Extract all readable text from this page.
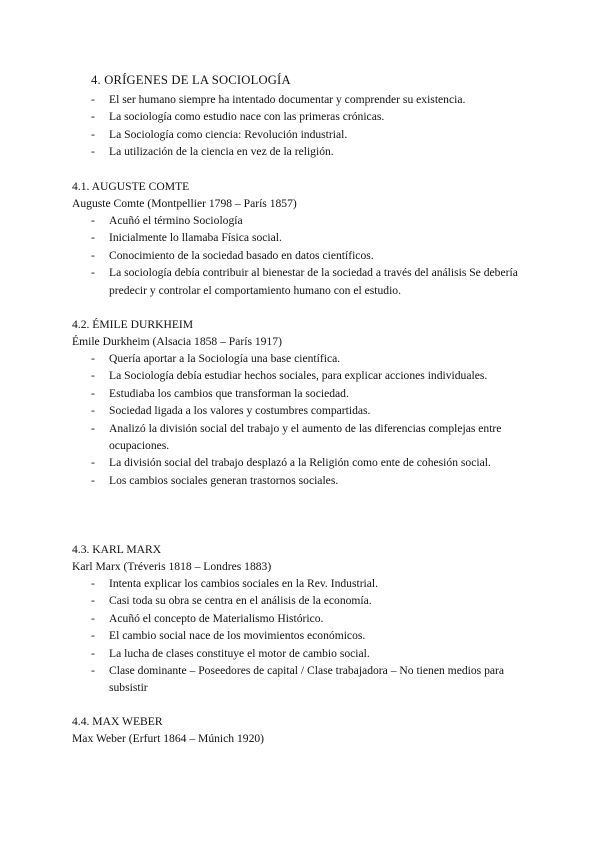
4. ORÍGENES DE LA SOCIOLOGÍA
- El ser humano siempre ha intentado documentar y comprender su existencia.
- La sociología como estudio nace con las primeras crónicas.
- La Sociología como ciencia: Revolución industrial.
- La utilización de la ciencia en vez de la religión.
4.1. AUGUSTE COMTE
Auguste Comte (Montpellier 1798 – París 1857)
- Acuñó el término Sociología
- Inicialmente lo llamaba Física social.
- Conocimiento de la sociedad basado en datos científicos.
- La sociología debía contribuir al bienestar de la sociedad a través del análisis Se debería predecir y controlar el comportamiento humano con el estudio.
4.2. ÉMILE DURKHEIM
Émile Durkheim (Alsacia 1858 – París 1917)
- Quería aportar a la Sociología una base científica.
- La Sociología debía estudiar hechos sociales, para explicar acciones individuales.
- Estudiaba los cambios que transforman la sociedad.
- Sociedad ligada a los valores y costumbres compartidas.
- Analizó la división social del trabajo y el aumento de las diferencias complejas entre ocupaciones.
- La división social del trabajo desplazó a la Religión como ente de cohesión social.
- Los cambios sociales generan trastornos sociales.
4.3. KARL MARX
Karl Marx (Tréveris 1818 – Londres 1883)
- Intenta explicar los cambios sociales en la Rev. Industrial.
- Casi toda su obra se centra en el análisis de la economía.
- Acuñó el concepto de Materialismo Histórico.
- El cambio social nace de los movimientos económicos.
- La lucha de clases constituye el motor de cambio social.
- Clase dominante – Poseedores de capital / Clase trabajadora – No tienen medios para subsistir
4.4. MAX WEBER
Max Weber (Erfurt 1864 – Múnich 1920)
